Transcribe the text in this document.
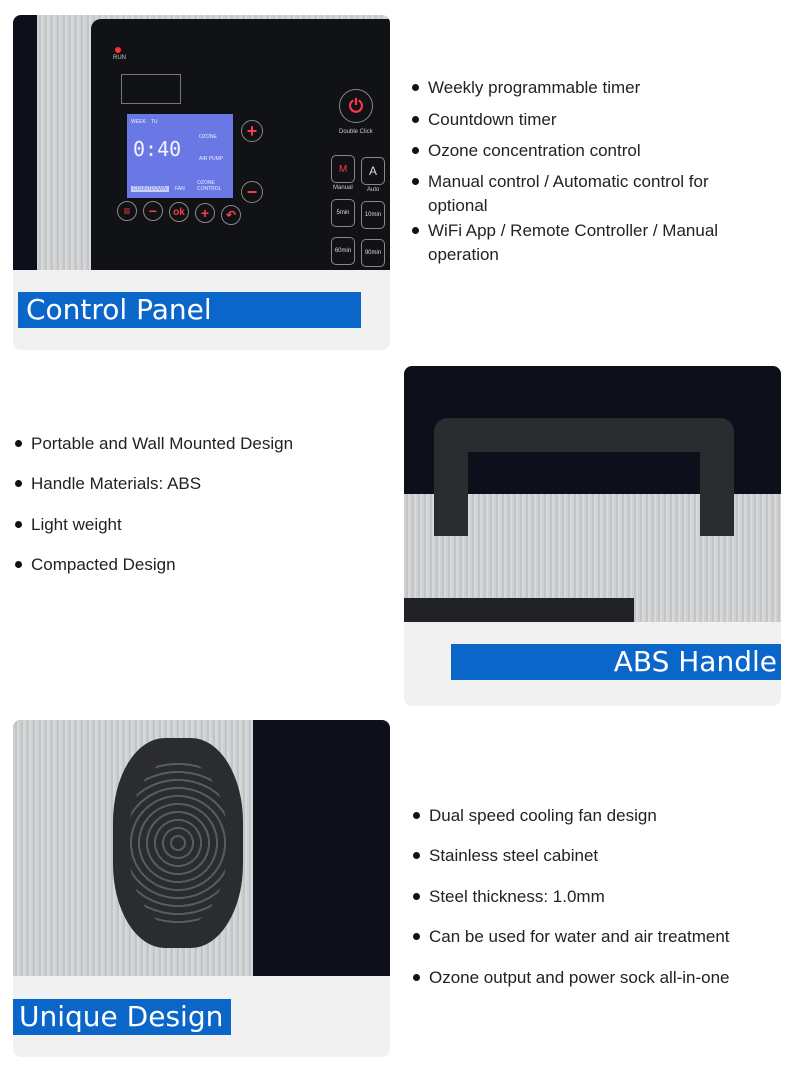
RUN
WEEK TU
0:40	OZONE
AIR PUMP
COUNTDOWN	FAN
OZONE CONTROL
+
−
≡	−	ok	+	↶
⏻
Double Click
M
Manual
A
Auto
5min	10min
60min	90min
Control Panel
Weekly programmable timer
Countdown timer
Ozone concentration control
Manual control / Automatic control for optional
WiFi App / Remote Controller / Manual operation
Portable and Wall Mounted Design
Handle Materials: ABS
Light weight
Compacted Design
ABS Handle
Unique Design
Dual speed cooling fan design
Stainless steel cabinet
Steel thickness: 1.0mm
Can be used for water and air treatment
Ozone output and power sock all-in-one
